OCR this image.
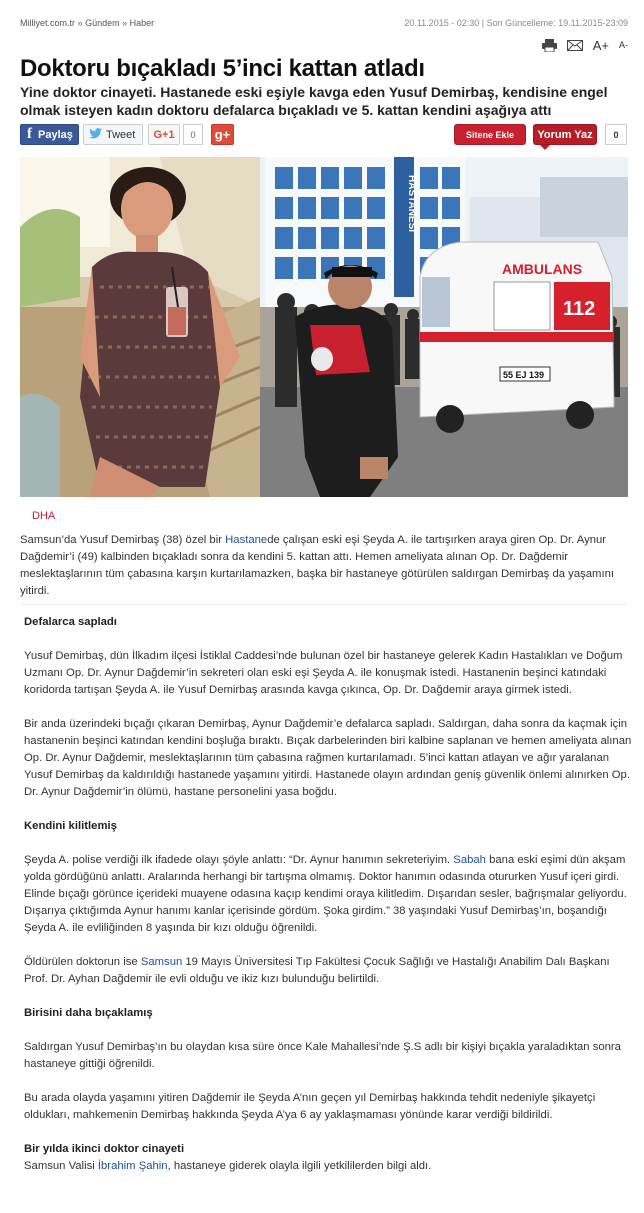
Milliyet.com.tr » Gündem » Haber	20.11.2015 - 02:30 | Son Güncelleme: 19.11.2015-23:09
A+ A-
Doktoru bıçakladı 5’inci kattan atladı
Yine doktor cinayeti. Hastanede eski eşiyle kavga eden Yusuf Demirbaş, kendisine engel olmak isteyen kadın doktoru defalarca bıçakladı ve 5. kattan kendini aşağıya attı
f Paylaş	Tweet G+1	0	g+	Sitene Ekle	Yorum Yaz	0
HASTANESİ
AMBULANS
112
55 EJ 139
DHA
Samsun’da Yusuf Demirbaş (38) özel bir Hastanede çalışan eski eşi Şeyda A. ile tartışırken araya giren Op. Dr. Aynur Dağdemir’i (49) kalbinden bıçakladı sonra da kendini 5. kattan attı. Hemen ameliyata alınan Op. Dr. Dağdemir meslektaşlarının tüm çabasına karşın kurtarılamazken, başka bir hastaneye götürülen saldırgan Demirbaş da yaşamını yitirdi.

Defalarca sapladı

Yusuf Demirbaş, dün İlkadım ilçesi İstiklal Caddesi’nde bulunan özel bir hastaneye gelerek Kadın Hastalıkları ve Doğum Uzmanı Op. Dr. Aynur Dağdemir’in sekreteri olan eski eşi Şeyda A. ile konuşmak istedi. Hastanenin beşinci katındaki koridorda tartışan Şeyda A. ile Yusuf Demirbaş arasında kavga çıkınca, Op. Dr. Dağdemir araya girmek istedi.

Bir anda üzerindeki bıçağı çıkaran Demirbaş, Aynur Dağdemir’e defalarca sapladı. Saldırgan, daha sonra da kaçmak için hastanenin beşinci katından kendini boşluğa bıraktı. Bıçak darbelerinden biri kalbine saplanan ve hemen ameliyata alınan Op. Dr. Aynur Dağdemir, meslektaşlarının tüm çabasına rağmen kurtarılamadı. 5’inci kattan atlayan ve ağır yaralanan Yusuf Demirbaş da kaldırıldığı hastanede yaşamını yitirdi. Hastanede olayın ardından geniş güvenlik önlemi alınırken Op. Dr. Aynur Dağdemir’in ölümü, hastane personelini yasa boğdu.

Kendini kilitlemiş

Şeyda A. polise verdiği ilk ifadede olayı şöyle anlattı: “Dr. Aynur hanımın sekreteriyim. Sabah bana eski eşimi dün akşam yolda gördüğünü anlattı. Aralarında herhangi bir tartışma olmamış. Doktor hanımın odasında otururken Yusuf içeri girdi. Elinde bıçağı görünce içerideki muayene odasına kaçıp kendimi oraya kilitledim. Dışarıdan sesler, bağrışmalar geliyordu. Dışarıya çıktığımda Aynur hanımı kanlar içerisinde gördüm. Şoka girdim.” 38 yaşındaki Yusuf Demirbaş’ın, boşandığı Şeyda A. ile evliliğinden 8 yaşında bir kızı olduğu öğrenildi.

Öldürülen doktorun ise Samsun 19 Mayıs Üniversitesi Tıp Fakültesi Çocuk Sağlığı ve Hastalığı Anabilim Dalı Başkanı Prof. Dr. Ayhan Dağdemir ile evli olduğu ve ikiz kızı bulunduğu belirtildi.

Birisini daha bıçaklamış

Saldırgan Yusuf Demirbaş’ın bu olaydan kısa süre önce Kale Mahallesi’nde Ş.S adlı bir kişiyi bıçakla yaraladıktan sonra hastaneye gittiği öğrenildi.

Bu arada olayda yaşamını yitiren Dağdemir ile Şeyda A’nın geçen yıl Demirbaş hakkında tehdit nedeniyle şikayetçi oldukları, mahkemenin Demirbaş hakkında Şeyda A’ya 6 ay yaklaşmaması yönünde karar verdiği bildirildi.

Bir yılda ikinci doktor cinayeti

Samsun Valisi İbrahim Şahin, hastaneye giderek olayla ilgili yetkililerden bilgi aldı.
